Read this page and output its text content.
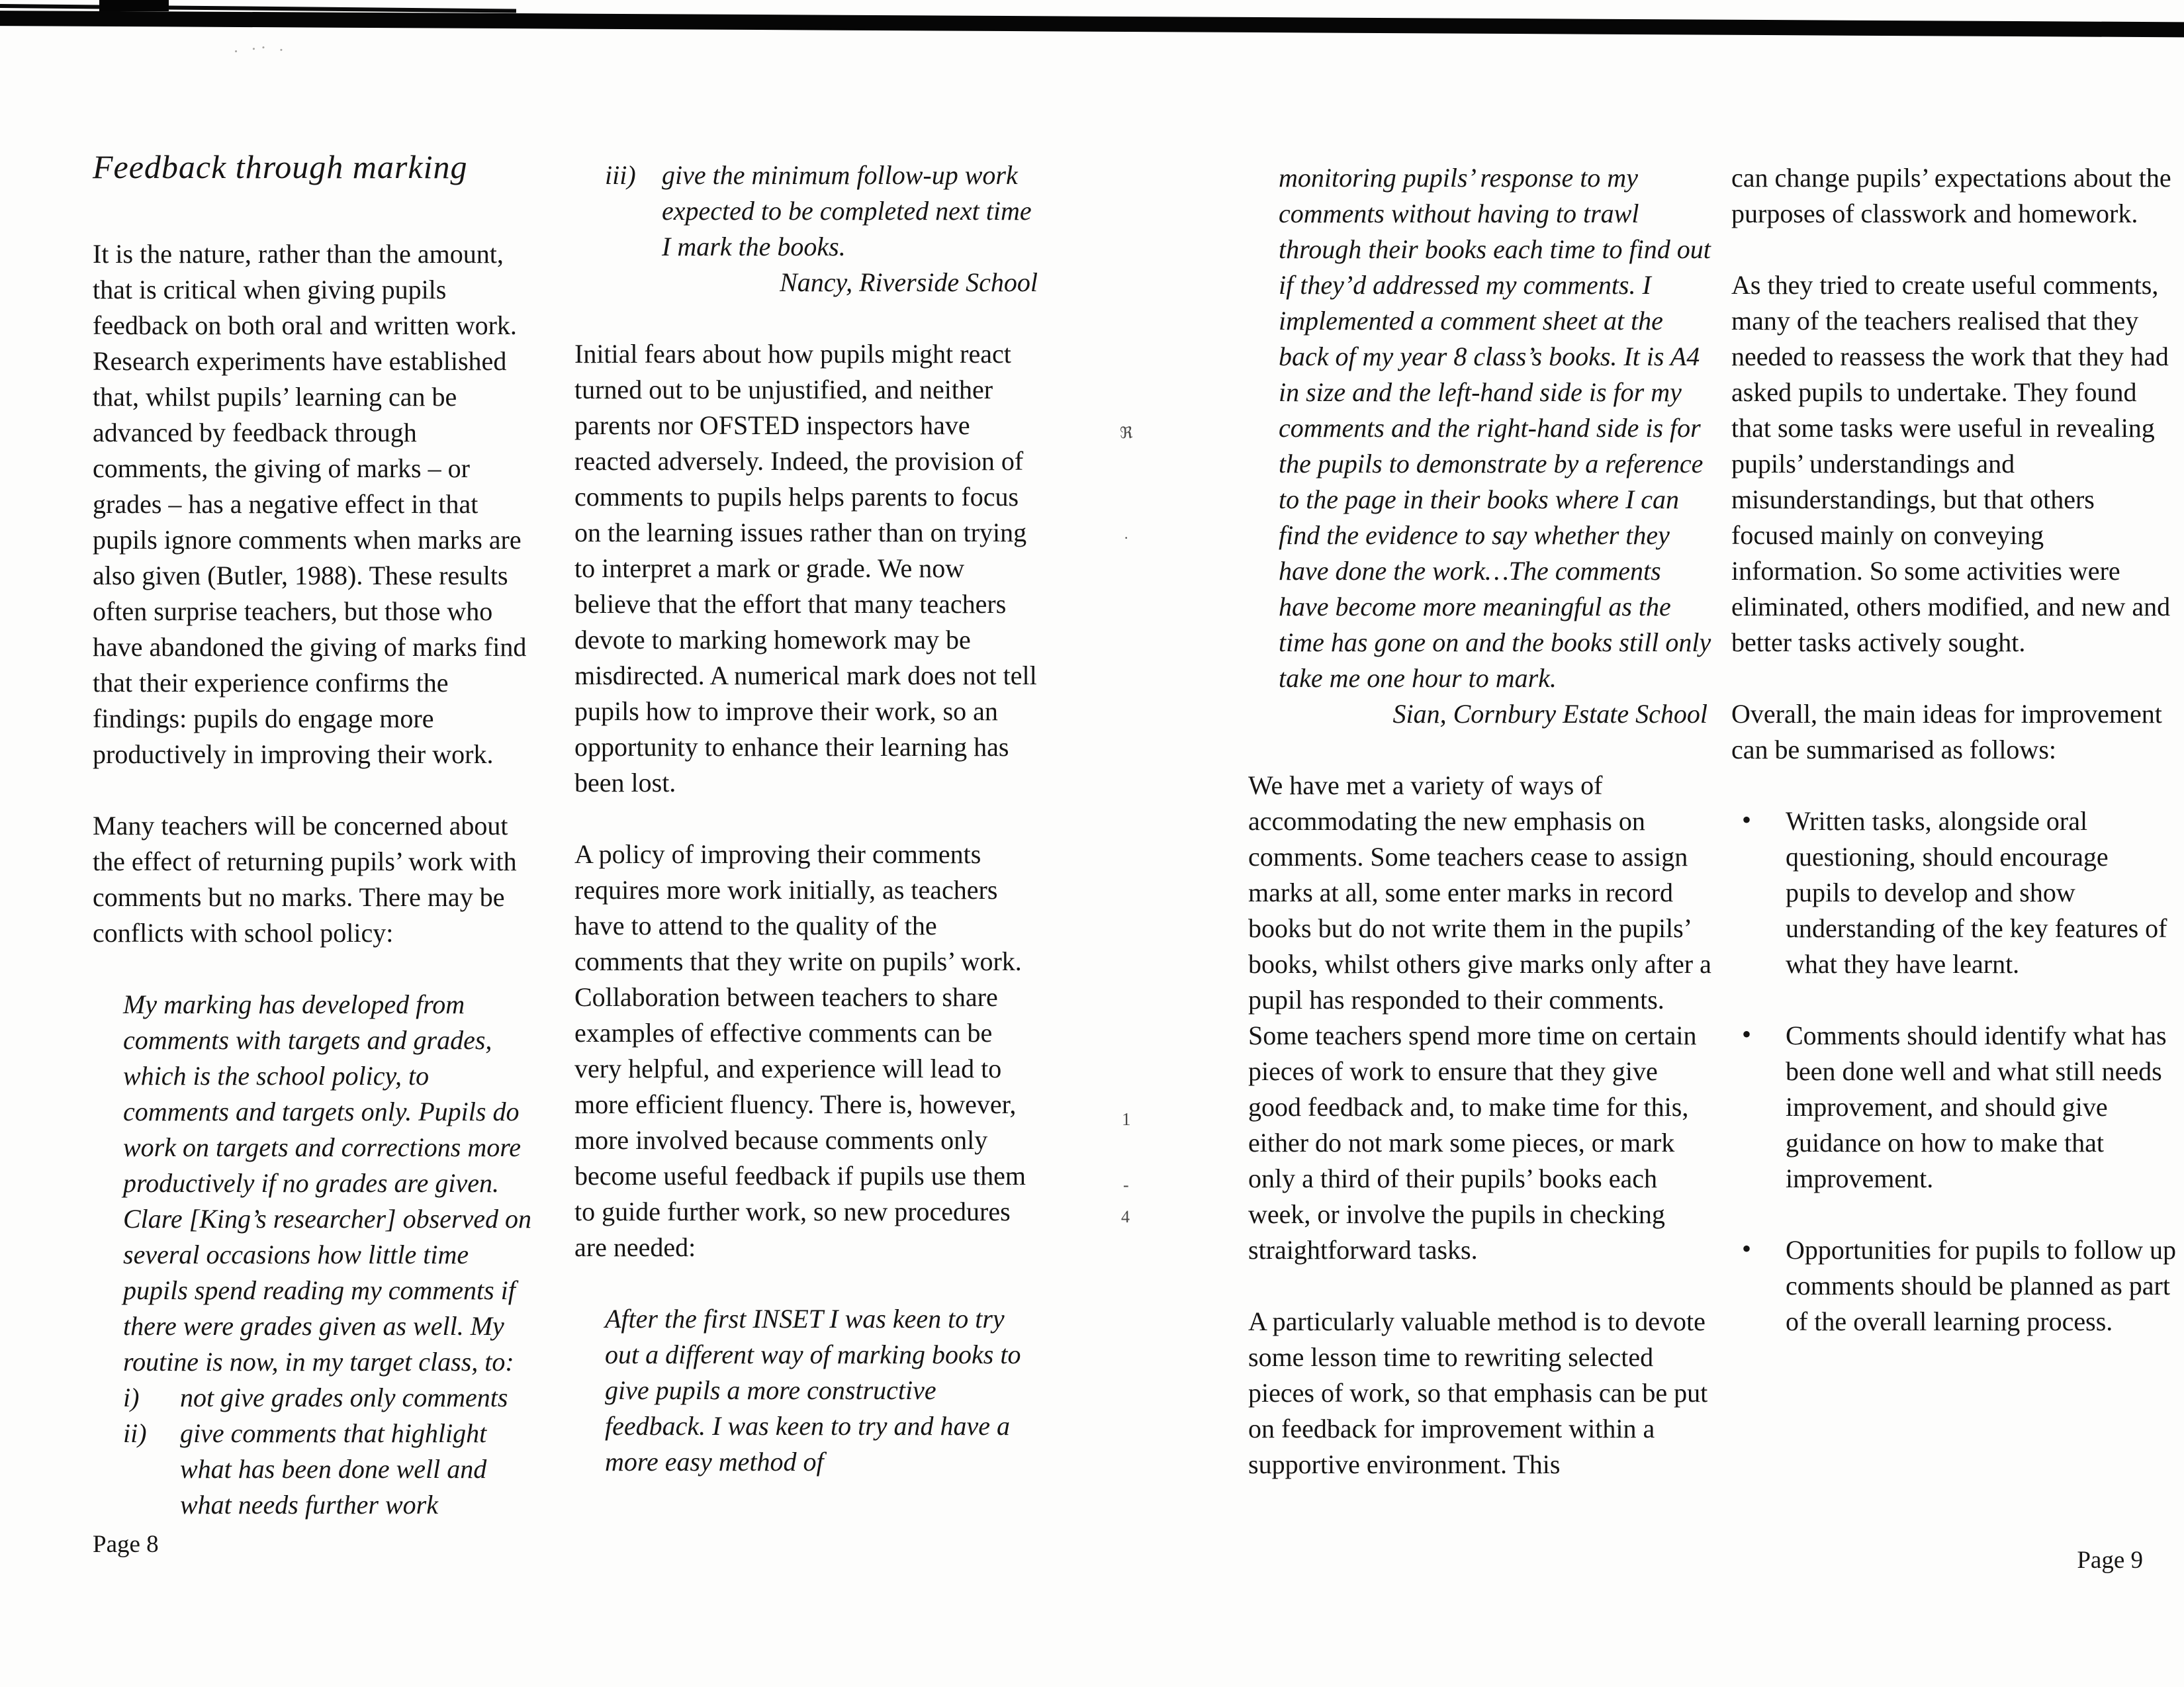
· ·· .
ℜ
·
1
-
4
Feedback through marking

It is the nature, rather than the amount, that is critical when giving pupils feedback on both oral and written work. Research experiments have established that, whilst pupils’ learning can be advanced by feedback through comments, the giving of marks – or grades – has a negative effect in that pupils ignore comments when marks are also given (Butler, 1988). These results often surprise teachers, but those who have abandoned the giving of marks find that their experience confirms the findings: pupils do engage more productively in improving their work.

Many teachers will be concerned about the effect of returning pupils’ work with comments but no marks. There may be conflicts with school policy:

My marking has developed from comments with targets and grades, which is the school policy, to comments and targets only. Pupils do work on targets and corrections more productively if no grades are given. Clare [King’s researcher] observed on several occasions how little time pupils spend reading my comments if there were grades given as well. My routine is now, in my target class, to:

i)	not give grades only comments
ii)	give comments that highlight what has been done well and what needs further work
iii) give the minimum follow-up work expected to be completed next time I mark the books.

Nancy, Riverside School

Initial fears about how pupils might react turned out to be unjustified, and neither parents nor OFSTED inspectors have reacted adversely. Indeed, the provision of comments to pupils helps parents to focus on the learning issues rather than on trying to interpret a mark or grade. We now believe that the effort that many teachers devote to marking homework may be misdirected. A numerical mark does not tell pupils how to improve their work, so an opportunity to enhance their learning has been lost.

A policy of improving their comments requires more work initially, as teachers have to attend to the quality of the comments that they write on pupils’ work. Collaboration between teachers to share examples of effective comments can be very helpful, and experience will lead to more efficient fluency. There is, however, more involved because comments only become useful feedback if pupils use them to guide further work, so new procedures are needed:

After the first INSET I was keen to try out a different way of marking books to give pupils a more constructive feedback. I was keen to try and have a more easy method of

monitoring pupils’ response to my comments without having to trawl through their books each time to find out if they’d addressed my comments. I implemented a comment sheet at the back of my year 8 class’s books. It is A4 in size and the left-hand side is for my comments and the right-hand side is for the pupils to demonstrate by a reference to the page in their books where I can find the evidence to say whether they have done the work…The comments have become more meaningful as the time has gone on and the books still only take me one hour to mark.

Sian, Cornbury Estate School

We have met a variety of ways of accommodating the new emphasis on comments. Some teachers cease to assign marks at all, some enter marks in record books but do not write them in the pupils’ books, whilst others give marks only after a pupil has responded to their comments. Some teachers spend more time on certain pieces of work to ensure that they give good feedback and, to make time for this, either do not mark some pieces, or mark only a third of their pupils’ books each week, or involve the pupils in checking straightforward tasks.

A particularly valuable method is to devote some lesson time to rewriting selected pieces of work, so that emphasis can be put on feedback for improvement within a supportive environment. This

can change pupils’ expectations about the purposes of classwork and homework.

As they tried to create useful comments, many of the teachers realised that they needed to reassess the work that they had asked pupils to undertake. They found that some tasks were useful in revealing pupils’ understandings and misunderstandings, but that others focused mainly on conveying information. So some activities were eliminated, others modified, and new and better tasks actively sought.

Overall, the main ideas for improvement can be summarised as follows:

• Written tasks, alongside oral questioning, should encourage pupils to develop and show understanding of the key features of what they have learnt.
• Comments should identify what has been done well and what still needs improvement, and should give guidance on how to make that improvement.
• Opportunities for pupils to follow up comments should be planned as part of the overall learning process.
Page 8
Page 9
